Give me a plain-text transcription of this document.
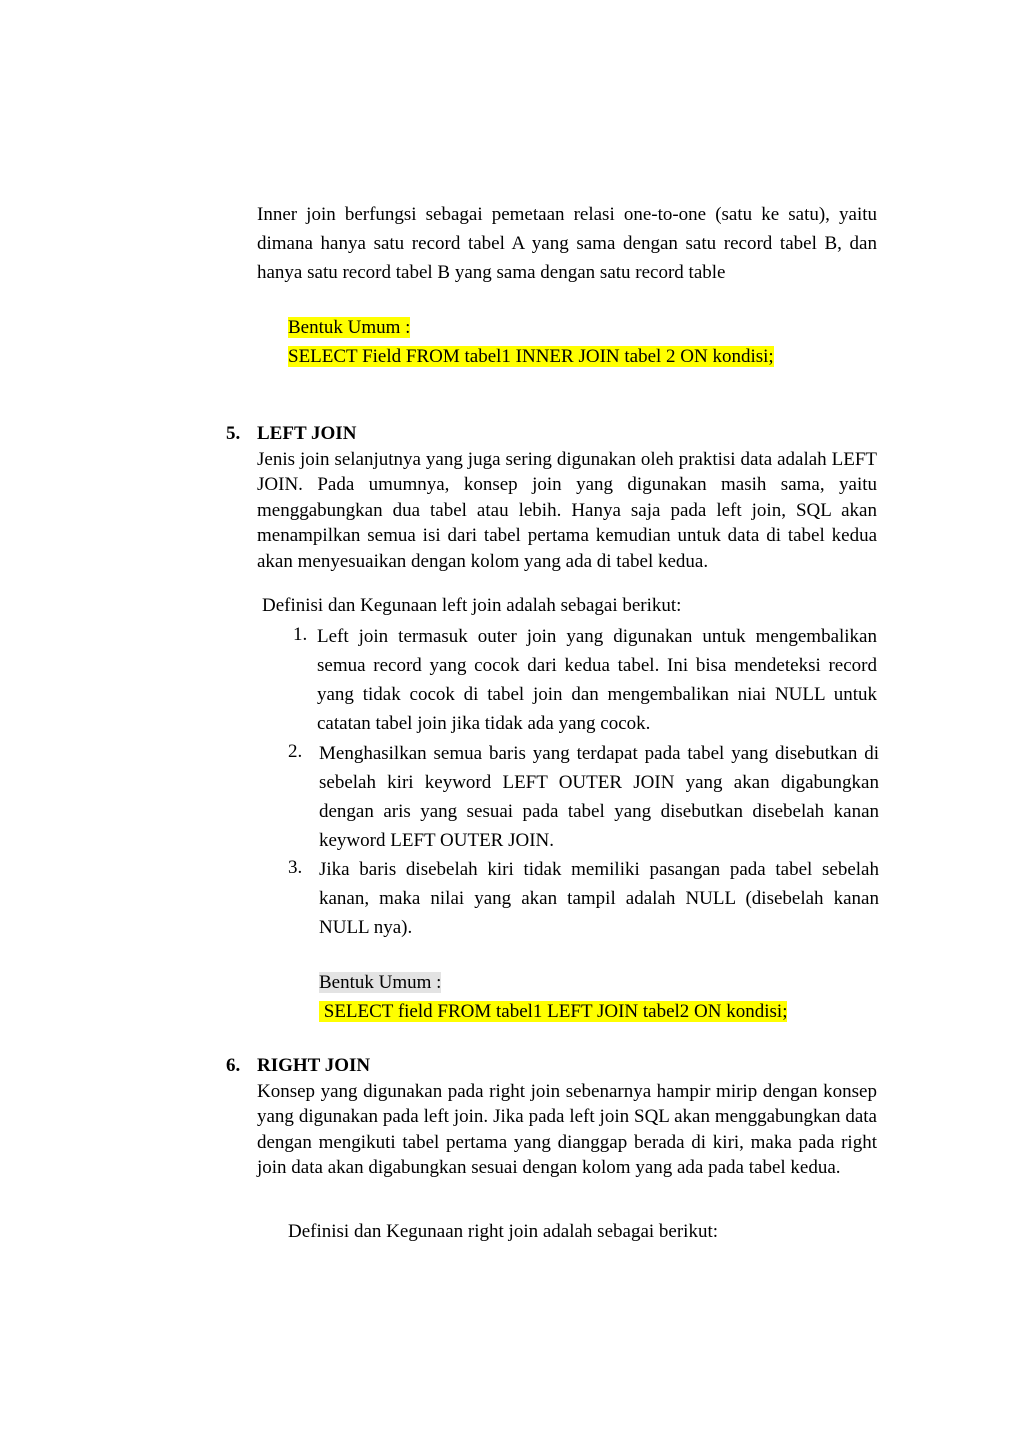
Inner join berfungsi sebagai pemetaan relasi one-to-one (satu ke satu), yaitu dimana hanya satu record tabel A yang sama dengan satu record tabel B, dan hanya satu record tabel B yang sama dengan satu record table
Bentuk Umum :
SELECT Field FROM tabel1 INNER JOIN tabel 2 ON kondisi;
5. LEFT JOIN
Jenis join selanjutnya yang juga sering digunakan oleh praktisi data adalah LEFT JOIN. Pada umumnya, konsep join yang digunakan masih sama, yaitu menggabungkan dua tabel atau lebih. Hanya saja pada left join, SQL akan menampilkan semua isi dari tabel pertama kemudian untuk data di tabel kedua akan menyesuaikan dengan kolom yang ada di tabel kedua.
Definisi dan Kegunaan left join adalah sebagai berikut:
1. Left join termasuk outer join yang digunakan untuk mengembalikan semua record yang cocok dari kedua tabel. Ini bisa mendeteksi record yang tidak cocok di tabel join dan mengembalikan niai NULL untuk catatan tabel join jika tidak ada yang cocok.
2. Menghasilkan semua baris yang terdapat pada tabel yang disebutkan di sebelah kiri keyword LEFT OUTER JOIN yang akan digabungkan dengan aris yang sesuai pada tabel yang disebutkan disebelah kanan keyword LEFT OUTER JOIN.
3. Jika baris disebelah kiri tidak memiliki pasangan pada tabel sebelah kanan, maka nilai yang akan tampil adalah NULL (disebelah kanan NULL nya).
Bentuk Umum :
SELECT field FROM tabel1 LEFT JOIN tabel2 ON kondisi;
6. RIGHT JOIN
Konsep yang digunakan pada right join sebenarnya hampir mirip dengan konsep yang digunakan pada left join. Jika pada left join SQL akan menggabungkan data dengan mengikuti tabel pertama yang dianggap berada di kiri, maka pada right join data akan digabungkan sesuai dengan kolom yang ada pada tabel kedua.
Definisi dan Kegunaan right join adalah sebagai berikut:
